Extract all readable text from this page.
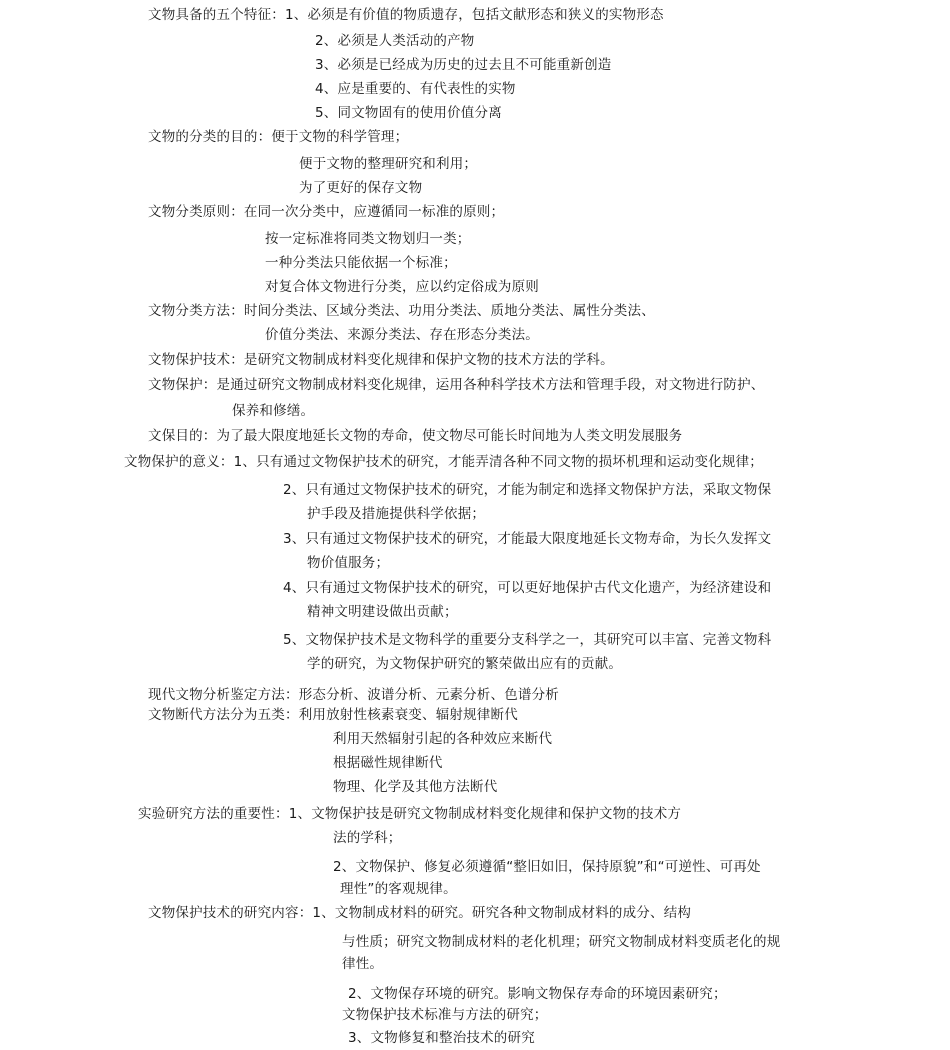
文物具备的五个特征：1、必须是有价值的物质遗存，包括文献形态和狭义的实物形态
2、必须是人类活动的产物
3、必须是已经成为历史的过去且不可能重新创造
4、应是重要的、有代表性的实物
5、同文物固有的使用价值分离
文物的分类的目的：便于文物的科学管理；
便于文物的整理研究和利用；
为了更好的保存文物
文物分类原则：在同一次分类中，应遵循同一标准的原则；
按一定标准将同类文物划归一类；
一种分类法只能依据一个标准；
对复合体文物进行分类，应以约定俗成为原则
文物分类方法：时间分类法、区域分类法、功用分类法、质地分类法、属性分类法、
价值分类法、来源分类法、存在形态分类法。
文物保护技术：是研究文物制成材料变化规律和保护文物的技术方法的学科。
文物保护：是通过研究文物制成材料变化规律，运用各种科学技术方法和管理手段，对文物进行防护、
保养和修缮。
文保目的：为了最大限度地延长文物的寿命，使文物尽可能长时间地为人类文明发展服务
文物保护的意义：1、只有通过文物保护技术的研究，才能弄清各种不同文物的损坏机理和运动变化规律；
2、只有通过文物保护技术的研究，才能为制定和选择文物保护方法，采取文物保
护手段及措施提供科学依据；
3、只有通过文物保护技术的研究，才能最大限度地延长文物寿命，为长久发挥文
物价值服务；
4、只有通过文物保护技术的研究，可以更好地保护古代文化遗产，为经济建设和
精神文明建设做出贡献；
5、文物保护技术是文物科学的重要分支科学之一，其研究可以丰富、完善文物科
学的研究，为文物保护研究的繁荣做出应有的贡献。
现代文物分析鉴定方法：形态分析、波谱分析、元素分析、色谱分析
文物断代方法分为五类：利用放射性核素衰变、辐射规律断代
利用天然辐射引起的各种效应来断代
根据磁性规律断代
物理、化学及其他方法断代
实验研究方法的重要性：1、文物保护技是研究文物制成材料变化规律和保护文物的技术方
法的学科；
2、文物保护、修复必须遵循“整旧如旧，保持原貌”和“可逆性、可再处
理性”的客观规律。
文物保护技术的研究内容：1、文物制成材料的研究。研究各种文物制成材料的成分、结构
与性质；研究文物制成材料的老化机理；研究文物制成材料变质老化的规
律性。
2、文物保存环境的研究。影响文物保存寿命的环境因素研究；
文物保护技术标准与方法的研究；
3、文物修复和整治技术的研究
